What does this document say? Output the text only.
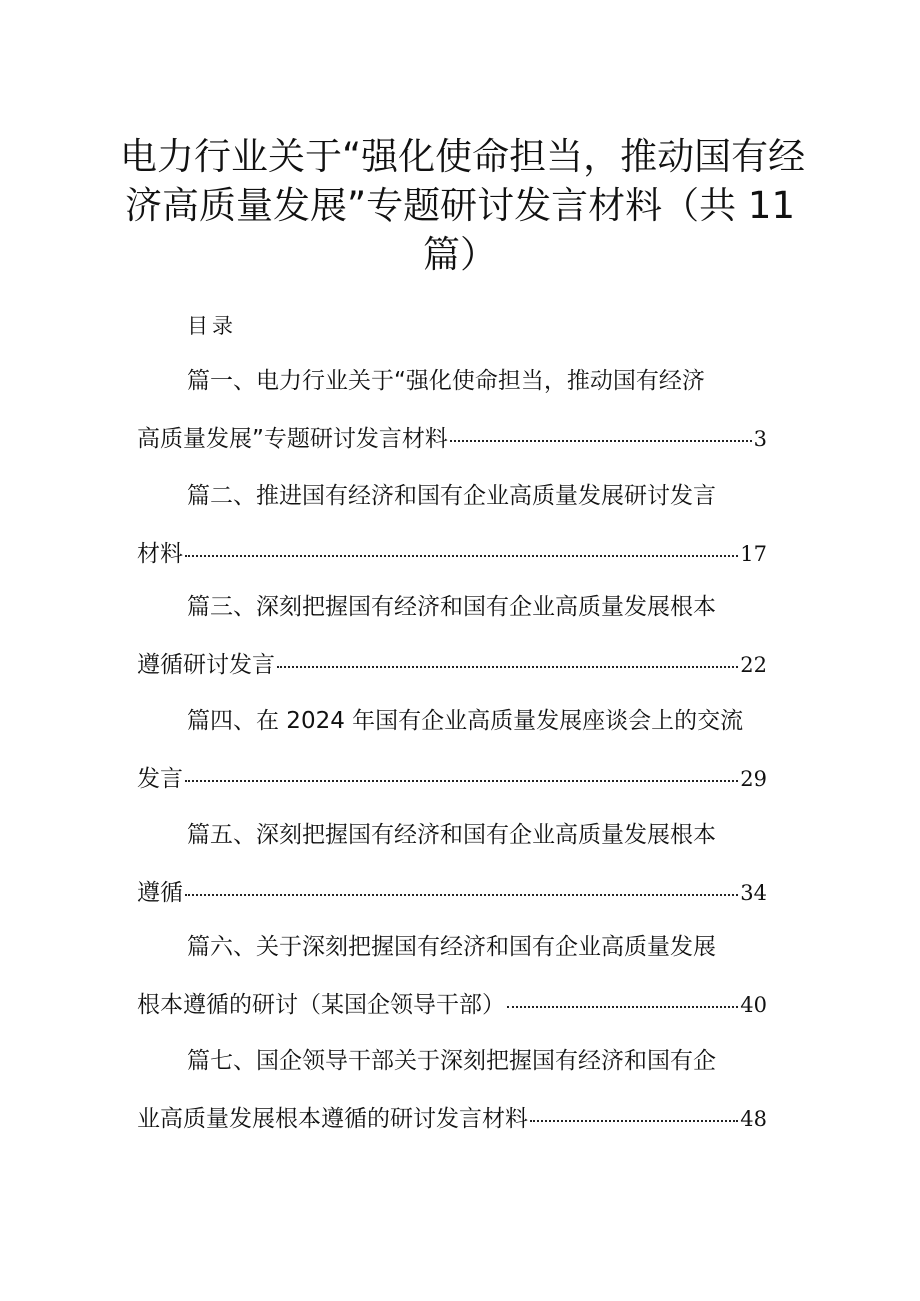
电力行业关于“强化使命担当，推动国有经
济高质量发展”专题研讨发言材料（共 11
篇）
目录
篇一、电力行业关于“强化使命担当，推动国有经济
高质量发展”专题研讨发言材料	3
篇二、推进国有经济和国有企业高质量发展研讨发言
材料	17
篇三、深刻把握国有经济和国有企业高质量发展根本
遵循研讨发言	22
篇四、在 2024 年国有企业高质量发展座谈会上的交流
发言	29
篇五、深刻把握国有经济和国有企业高质量发展根本
遵循	34
篇六、关于深刻把握国有经济和国有企业高质量发展
根本遵循的研讨（某国企领导干部）	40
篇七、国企领导干部关于深刻把握国有经济和国有企
业高质量发展根本遵循的研讨发言材料	48
